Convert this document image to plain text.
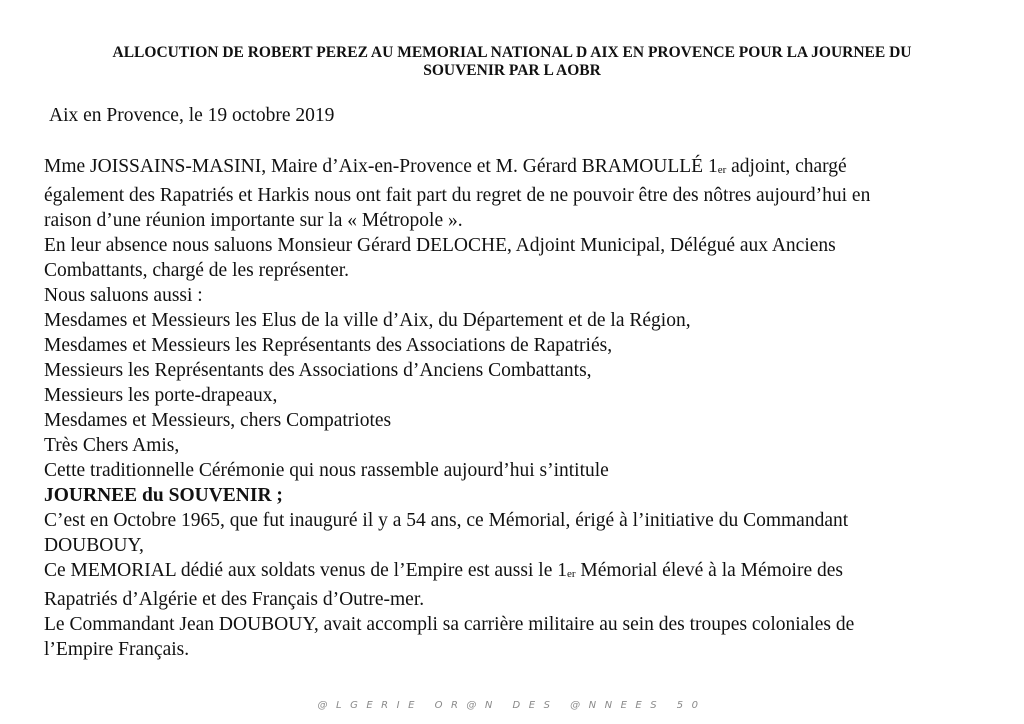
ALLOCUTION DE ROBERT PEREZ AU MEMORIAL NATIONAL D AIX EN PROVENCE POUR LA JOURNEE DU
SOUVENIR PAR L AOBR
Aix en Provence, le 19 octobre 2019
Mme JOISSAINS-MASINI, Maire d’Aix-en-Provence et M. Gérard BRAMOULLÉ 1er adjoint, chargé
également des Rapatriés et Harkis nous ont fait part du regret de ne pouvoir être des nôtres aujourd’hui en
raison d’une réunion importante sur la « Métropole ».
En leur absence nous saluons Monsieur Gérard DELOCHE, Adjoint Municipal, Délégué aux Anciens
Combattants, chargé de les représenter.
Nous saluons aussi :
Mesdames et Messieurs les Elus de la ville d’Aix, du Département et de la Région,
Mesdames et Messieurs les Représentants des Associations de Rapatriés,
Messieurs les Représentants des Associations d’Anciens Combattants,
Messieurs les porte-drapeaux,
Mesdames et Messieurs, chers Compatriotes
Très Chers Amis,
Cette traditionnelle Cérémonie qui nous rassemble aujourd’hui s’intitule
JOURNEE du SOUVENIR ;
C’est en Octobre 1965, que fut inauguré il y a 54 ans, ce Mémorial, érigé à l’initiative du Commandant
DOUBOUY,
Ce MEMORIAL dédié aux soldats venus de l’Empire est aussi le 1er Mémorial élevé à la Mémoire des
Rapatriés d’Algérie et des Français d’Outre-mer.
Le Commandant Jean DOUBOUY, avait accompli sa carrière militaire au sein des troupes coloniales de
l’Empire Français.
@LGERIE OR@N DES @NNEES 50
